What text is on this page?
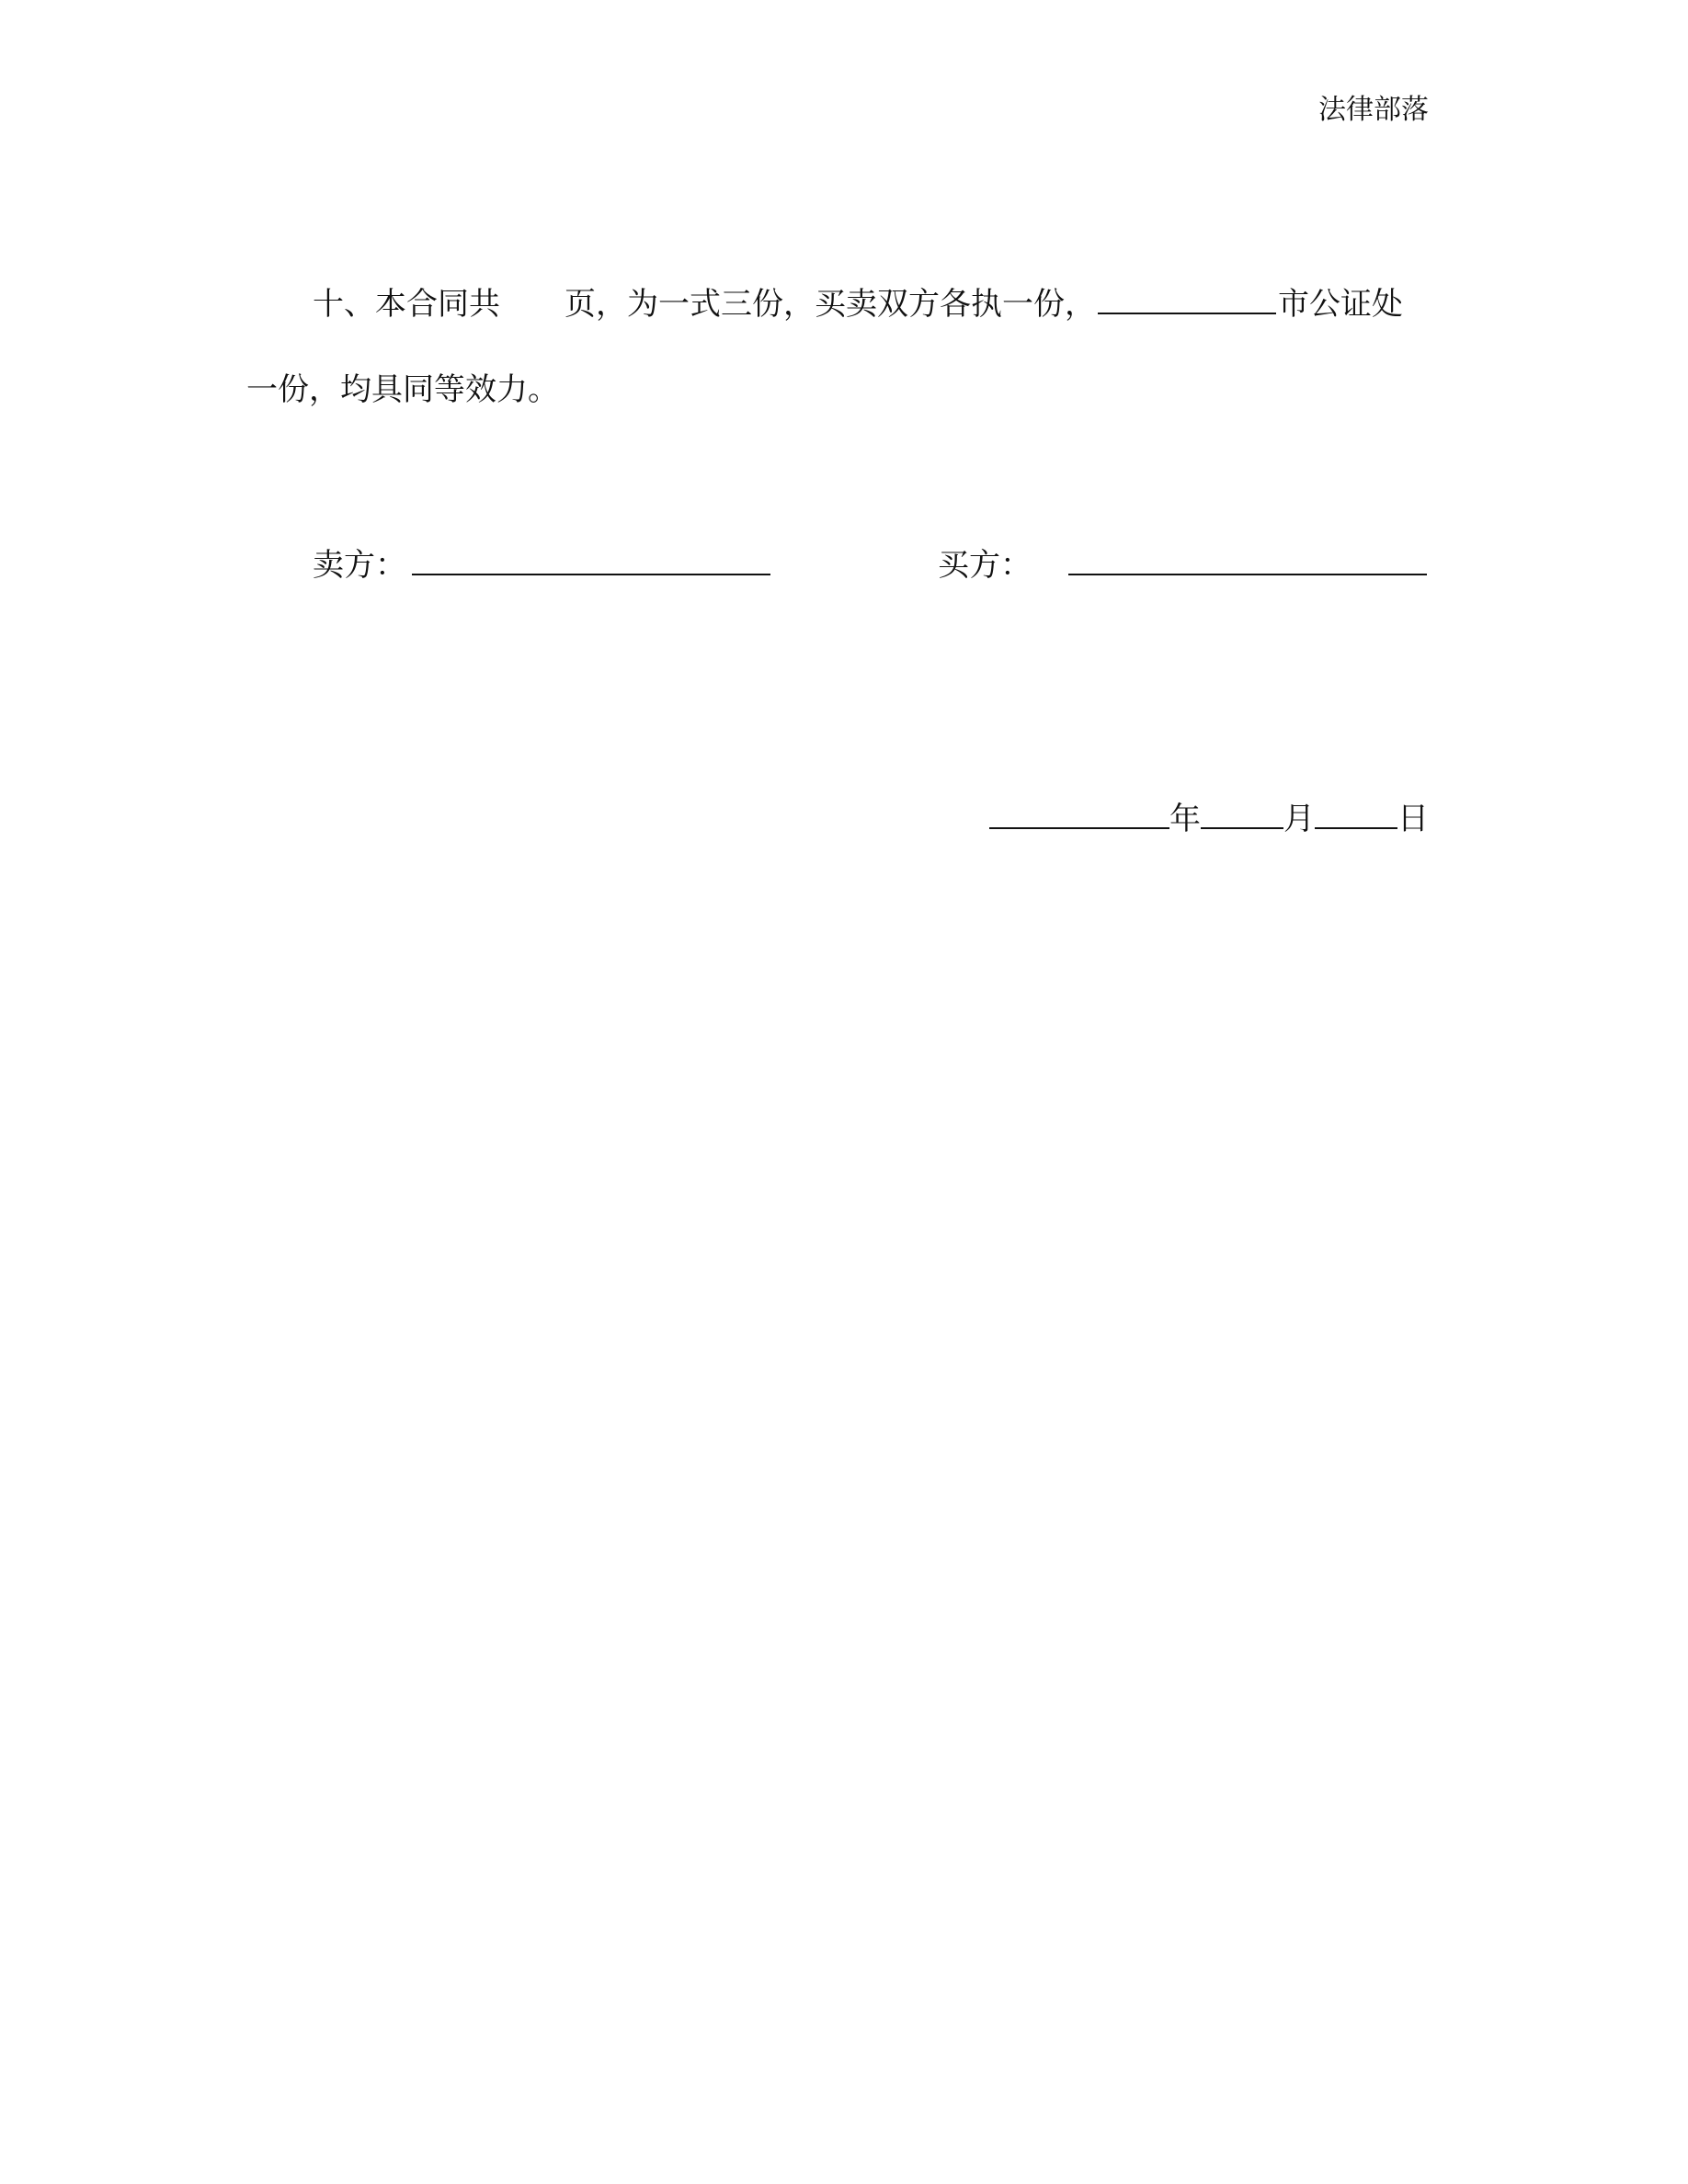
法律部落
十、本合同共 页，为一式三份，买卖双方各执一份，	市公证处
一份，均具同等效力。
卖方：	买方：
年	月	日
